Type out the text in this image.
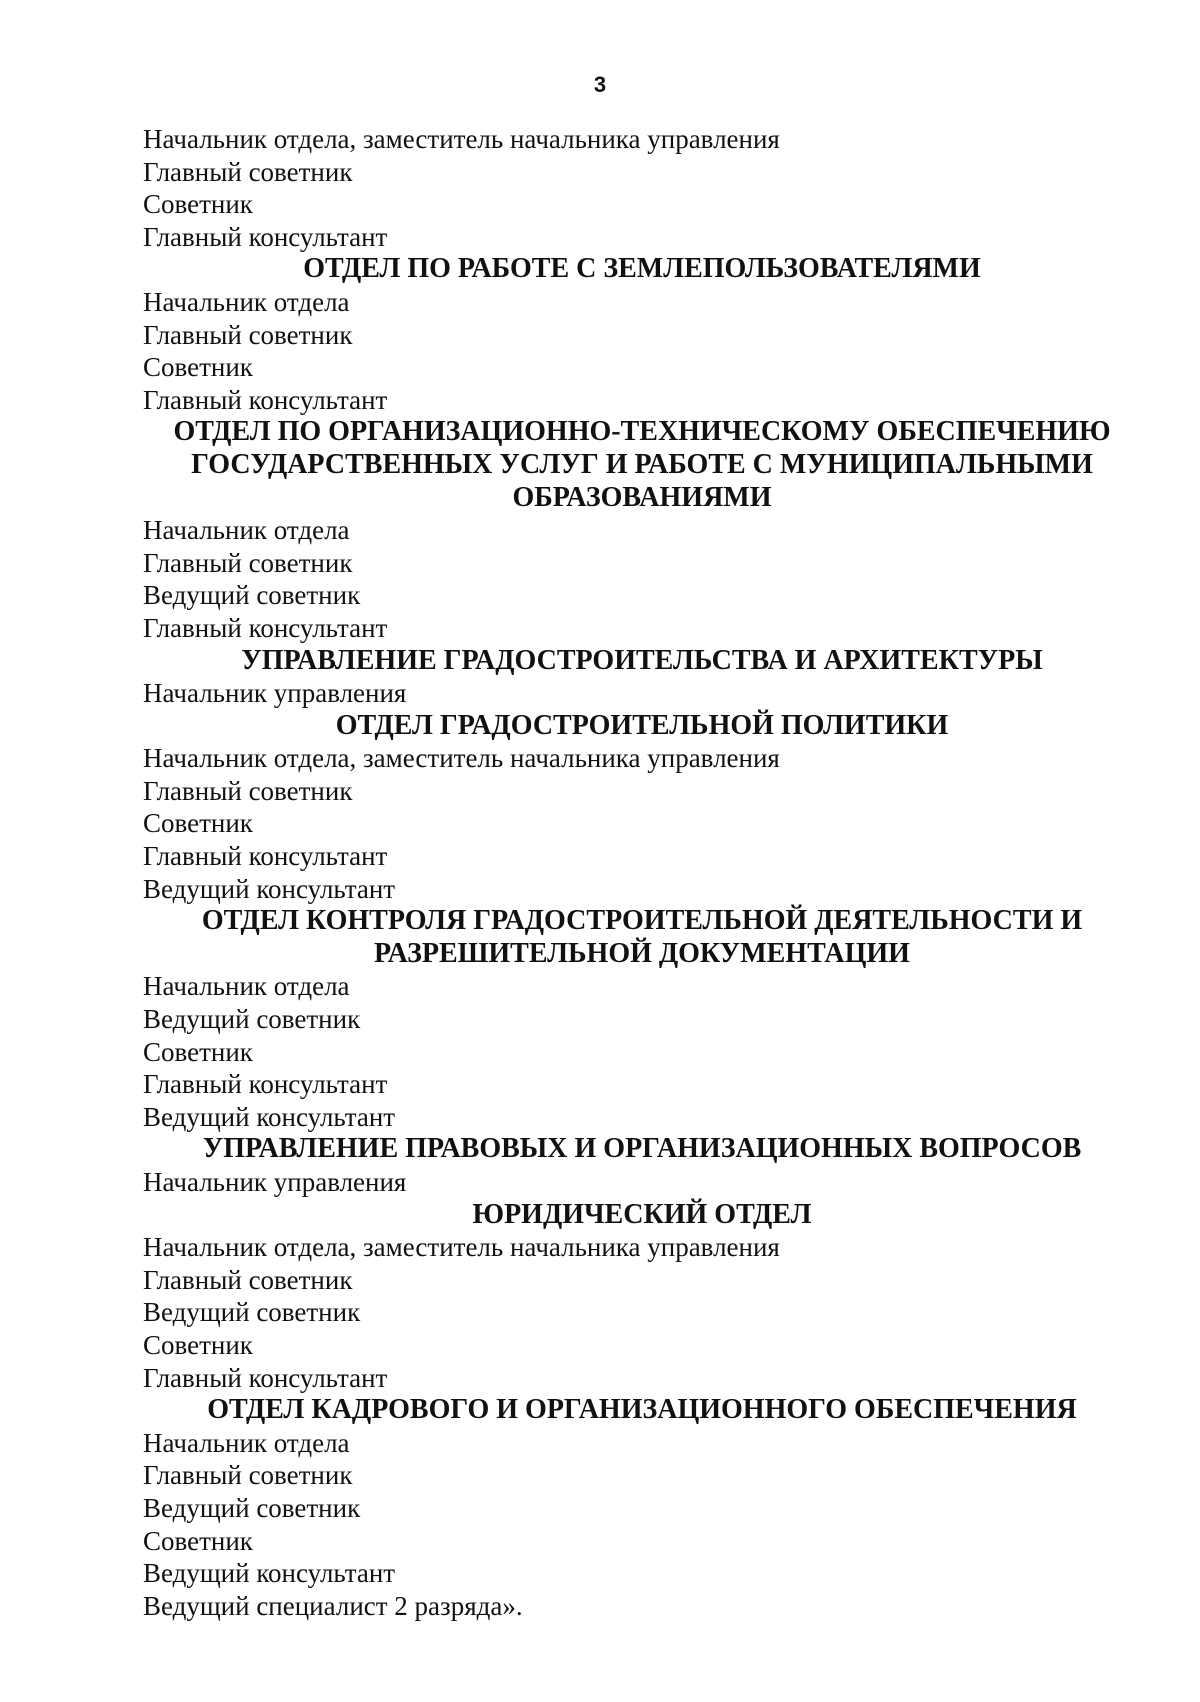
3
Начальник отдела, заместитель начальника управления
Главный советник
Советник
Главный консультант
ОТДЕЛ ПО РАБОТЕ С ЗЕМЛЕПОЛЬЗОВАТЕЛЯМИ
Начальник отдела
Главный советник
Советник
Главный консультант
ОТДЕЛ ПО ОРГАНИЗАЦИОННО-ТЕХНИЧЕСКОМУ ОБЕСПЕЧЕНИЮ
ГОСУДАРСТВЕННЫХ УСЛУГ И РАБОТЕ С МУНИЦИПАЛЬНЫМИ
ОБРАЗОВАНИЯМИ
Начальник отдела
Главный советник
Ведущий советник
Главный консультант
УПРАВЛЕНИЕ ГРАДОСТРОИТЕЛЬСТВА И АРХИТЕКТУРЫ
Начальник управления
ОТДЕЛ ГРАДОСТРОИТЕЛЬНОЙ ПОЛИТИКИ
Начальник отдела, заместитель начальника управления
Главный советник
Советник
Главный консультант
Ведущий консультант
ОТДЕЛ КОНТРОЛЯ ГРАДОСТРОИТЕЛЬНОЙ ДЕЯТЕЛЬНОСТИ И
РАЗРЕШИТЕЛЬНОЙ ДОКУМЕНТАЦИИ
Начальник отдела
Ведущий советник
Советник
Главный консультант
Ведущий консультант
УПРАВЛЕНИЕ ПРАВОВЫХ И ОРГАНИЗАЦИОННЫХ ВОПРОСОВ
Начальник управления
ЮРИДИЧЕСКИЙ ОТДЕЛ
Начальник отдела, заместитель начальника управления
Главный советник
Ведущий советник
Советник
Главный консультант
ОТДЕЛ КАДРОВОГО И ОРГАНИЗАЦИОННОГО ОБЕСПЕЧЕНИЯ
Начальник отдела
Главный советник
Ведущий советник
Советник
Ведущий консультант
Ведущий специалист 2 разряда».
